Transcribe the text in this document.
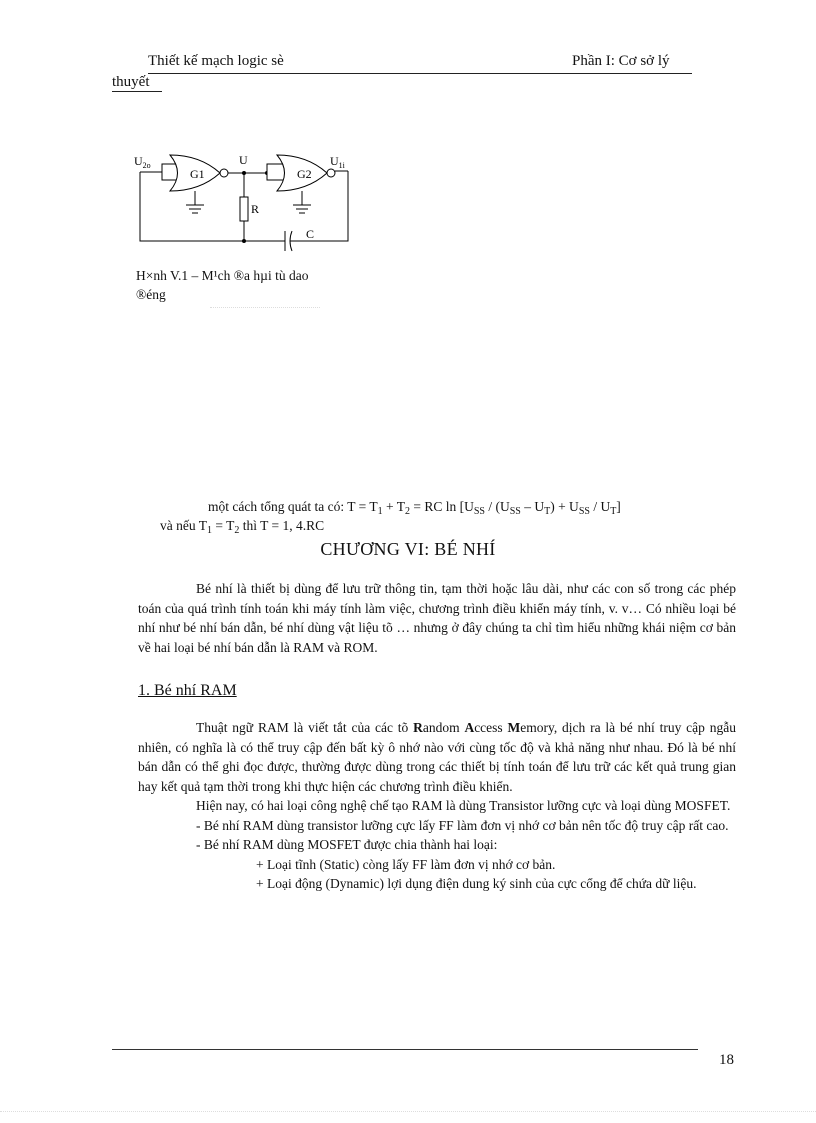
Thiết kế mạch logic sè	Phần I: Cơ sở lý
thuyết
$U_{2o}$
G1
U
G2
$U_{1i}$
R
C
H×nh V.1 – M¹ch ®a hµi tù dao
®éng
một cách tổng quát ta có: $T = T_1 + T_2$ = RC $\ln [U_{SS} / (U_{SS} - U_T) + U_{SS} / U_T]$
và nếu $T_1 = T_2$ thì T = 1, 4.RC
CHƯƠNG VI: BÉ NHÍ

Bé nhí là thiết bị dùng để lưu trữ thông tin, tạm thời hoặc lâu dài, như các con số trong các phép toán của quá trình tính toán khi máy tính làm việc, chương trình điều khiển máy tính, v. v… Có nhiều loại bé nhí như bé nhí bán dẫn, bé nhí dùng vật liệu tõ … nhưng ở đây chúng ta chỉ tìm hiểu những khái niệm cơ bản về hai loại bé nhí bán dẫn là RAM và ROM.

1. Bé nhí RAM

Thuật ngữ RAM là viết tắt của các tõ Random Access Memory, dịch ra là bé nhí truy cập ngẫu nhiên, có nghĩa là có thể truy cập đến bất kỳ ô nhớ nào với cùng tốc độ và khả năng như nhau. Đó là bé nhí bán dẫn có thể ghi đọc được, thường được dùng trong các thiết bị tính toán để lưu trữ các kết quả trung gian hay kết quả tạm thời trong khi thực hiện các chương trình điều khiển.

Hiện nay, có hai loại công nghệ chế tạo RAM là dùng Transistor lưỡng cực và loại dùng MOSFET.

- Bé nhí RAM dùng transistor lưỡng cực lấy FF làm đơn vị nhớ cơ bản nên tốc độ truy cập rất cao.

- Bé nhí RAM dùng MOSFET được chia thành hai loại:

+ Loại tĩnh (Static) còng lấy FF làm đơn vị nhớ cơ bản.

+ Loại động (Dynamic) lợi dụng điện dung ký sinh của cực cổng để chứa dữ liệu.

18
